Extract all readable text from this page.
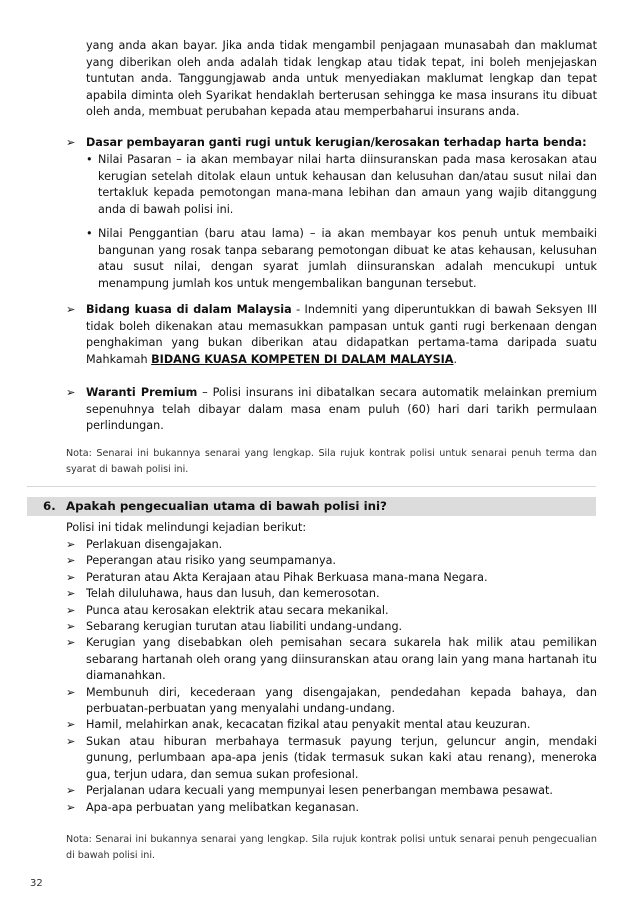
yang anda akan bayar. Jika anda tidak mengambil penjagaan munasabah dan maklumat yang diberikan oleh anda adalah tidak lengkap atau tidak tepat, ini boleh menjejaskan tuntutan anda. Tanggungjawab anda untuk menyediakan maklumat lengkap dan tepat apabila diminta oleh Syarikat hendaklah berterusan sehingga ke masa insurans itu dibuat oleh anda, membuat perubahan kepada atau memperbaharui insurans anda.

➢ Dasar pembayaran ganti rugi untuk kerugian/kerosakan terhadap harta benda:
• Nilai Pasaran – ia akan membayar nilai harta diinsuranskan pada masa kerosakan atau kerugian setelah ditolak elaun untuk kehausan dan kelusuhan dan/atau susut nilai dan tertakluk kepada pemotongan mana-mana lebihan dan amaun yang wajib ditanggung anda di bawah polisi ini.
• Nilai Penggantian (baru atau lama) – ia akan membayar kos penuh untuk membaiki bangunan yang rosak tanpa sebarang pemotongan dibuat ke atas kehausan, kelusuhan atau susut nilai, dengan syarat jumlah diinsuranskan adalah mencukupi untuk menampung jumlah kos untuk mengembalikan bangunan tersebut.
➢ Bidang kuasa di dalam Malaysia - Indemniti yang diperuntukkan di bawah Seksyen III tidak boleh dikenakan atau memasukkan pampasan untuk ganti rugi berkenaan dengan penghakiman yang bukan diberikan atau didapatkan pertama-tama daripada suatu Mahkamah BIDANG KUASA KOMPETEN DI DALAM MALAYSIA.
➢ Waranti Premium – Polisi insurans ini dibatalkan secara automatik melainkan premium sepenuhnya telah dibayar dalam masa enam puluh (60) hari dari tarikh permulaan perlindungan.

Nota: Senarai ini bukannya senarai yang lengkap. Sila rujuk kontrak polisi untuk senarai penuh terma dan syarat di bawah polisi ini.

6. Apakah pengecualian utama di bawah polisi ini?

Polisi ini tidak melindungi kejadian berikut:

➢ Perlakuan disengajakan.
➢ Peperangan atau risiko yang seumpamanya.
➢ Peraturan atau Akta Kerajaan atau Pihak Berkuasa mana-mana Negara.
➢ Telah diluluhawa, haus dan lusuh, dan kemerosotan.
➢ Punca atau kerosakan elektrik atau secara mekanikal.
➢ Sebarang kerugian turutan atau liabiliti undang-undang.
➢ Kerugian yang disebabkan oleh pemisahan secara sukarela hak milik atau pemilikan sebarang hartanah oleh orang yang diinsuranskan atau orang lain yang mana hartanah itu diamanahkan.
➢ Membunuh diri, kecederaan yang disengajakan, pendedahan kepada bahaya, dan perbuatan-perbuatan yang menyalahi undang-undang.
➢ Hamil, melahirkan anak, kecacatan fizikal atau penyakit mental atau keuzuran.
➢ Sukan atau hiburan merbahaya termasuk payung terjun, geluncur angin, mendaki gunung, perlumbaan apa-apa jenis (tidak termasuk sukan kaki atau renang), meneroka gua, terjun udara, dan semua sukan profesional.
➢ Perjalanan udara kecuali yang mempunyai lesen penerbangan membawa pesawat.
➢ Apa-apa perbuatan yang melibatkan keganasan.

Nota: Senarai ini bukannya senarai yang lengkap. Sila rujuk kontrak polisi untuk senarai penuh pengecualian di bawah polisi ini.

32
